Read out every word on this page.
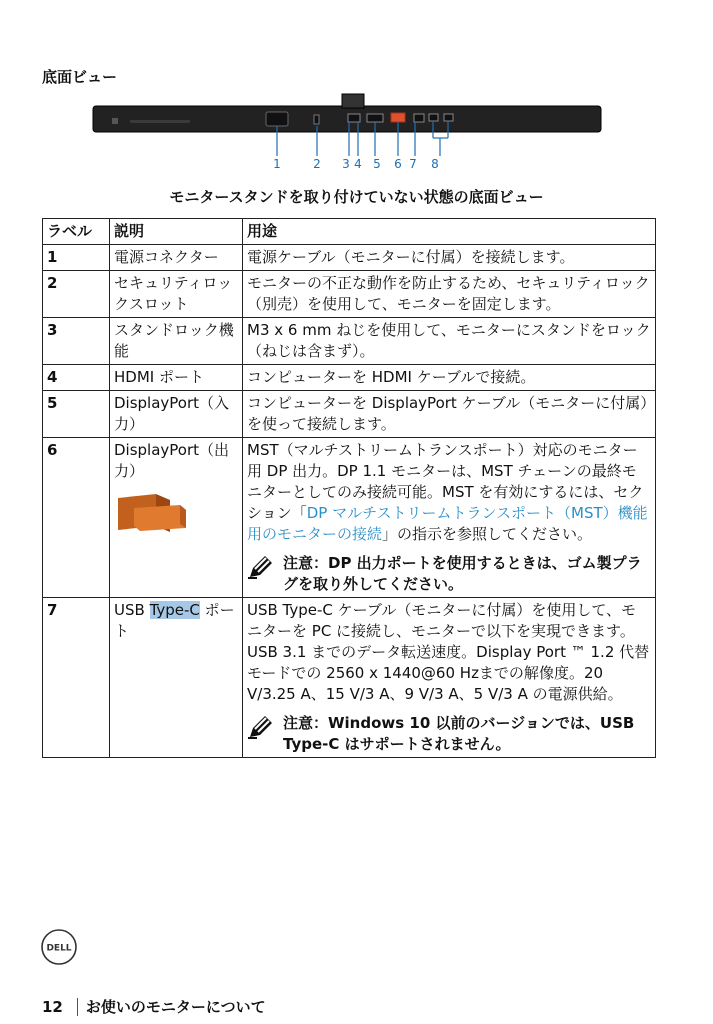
底面ビュー
1	2 3 4 5 6 7 8
モニタースタンドを取り付けていない状態の底面ビュー
ラベル	説明	用途
1	電源コネクター	電源ケーブル（モニターに付属）を接続します。
2	セキュリティロックスロット	モニターの不正な動作を防止するため、セキュリティロック（別売）を使用して、モニターを固定します。
3	スタンドロック機能	M3 x 6 mm ねじを使用して、モニターにスタンドをロック（ねじは含まず）。
4	HDMI ポート	コンピューターを HDMI ケーブルで接続。
5	DisplayPort（入力）	コンピューターを DisplayPort ケーブル（モニターに付属）を使って接続します。
6	DisplayPort（出力）	MST（マルチストリームトランスポート）対応のモニター用 DP 出力。DP 1.1 モニターは、MST チェーンの最終モニターとしてのみ接続可能。MST を有効にするには、セクション「DP マルチストリームトランスポート（MST）機能用のモニターの接続」の指示を参照してください。
注意：DP 出力ポートを使用するときは、ゴム製プラグを取り外してください。

7	USB Type-C ポート	USB Type-C ケーブル（モニターに付属）を使用して、モニターを PC に接続し、モニターで以下を実現できます。USB 3.1 までのデータ転送速度。Display Port ™ 1.2 代替モードでの 2560 x 1440@60 Hzまでの解像度。20 V/3.25 A、15 V/3 A、9 V/3 A、5 V/3 A の電源供給。
注意：Windows 10 以前のバージョンでは、USB Type-C はサポートされません。
DELL
12 お使いのモニターについて
